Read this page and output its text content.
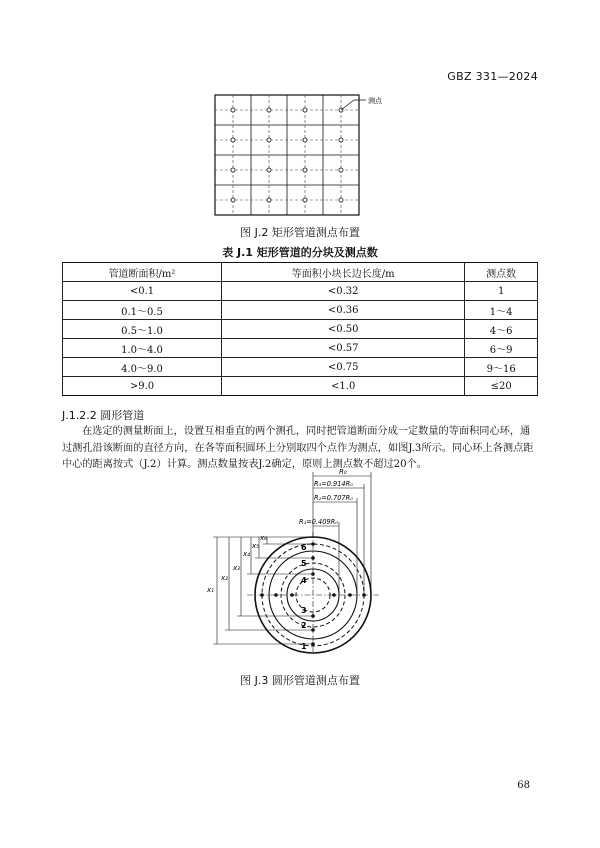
GBZ 331—2024
测点
图 J.2 矩形管道测点布置
表 J.1 矩形管道的分块及测点数
管道断面积/m²	等面积小块长边长度/m	测点数
<0.1	<0.32	1
0.1～0.5	<0.36	1～4
0.5～1.0	<0.50	4～6
1.0～4.0	<0.57	6～9
4.0～9.0	<0.75	9～16
>9.0	<1.0	≤20
J.1.2.2 圆形管道

在选定的测量断面上，设置互相垂直的两个测孔，同时把管道断面分成一定数量的等面积同心环，通过测孔沿该断面的直径方向，在各等面积圆环上分别取四个点作为测点，如图J.3所示。同心环上各测点距中心的距离按式（J.2）计算。测点数量按表J.2确定，原则上测点数不超过20个。

R₀
R₃=0.914R₀
R₂=0.707R₀
R₁=0.409R₀
x₁
x₂
x₃
x₄
x₅
x₆
1
2
3
4
5
6
图 J.3 圆形管道测点布置
68
